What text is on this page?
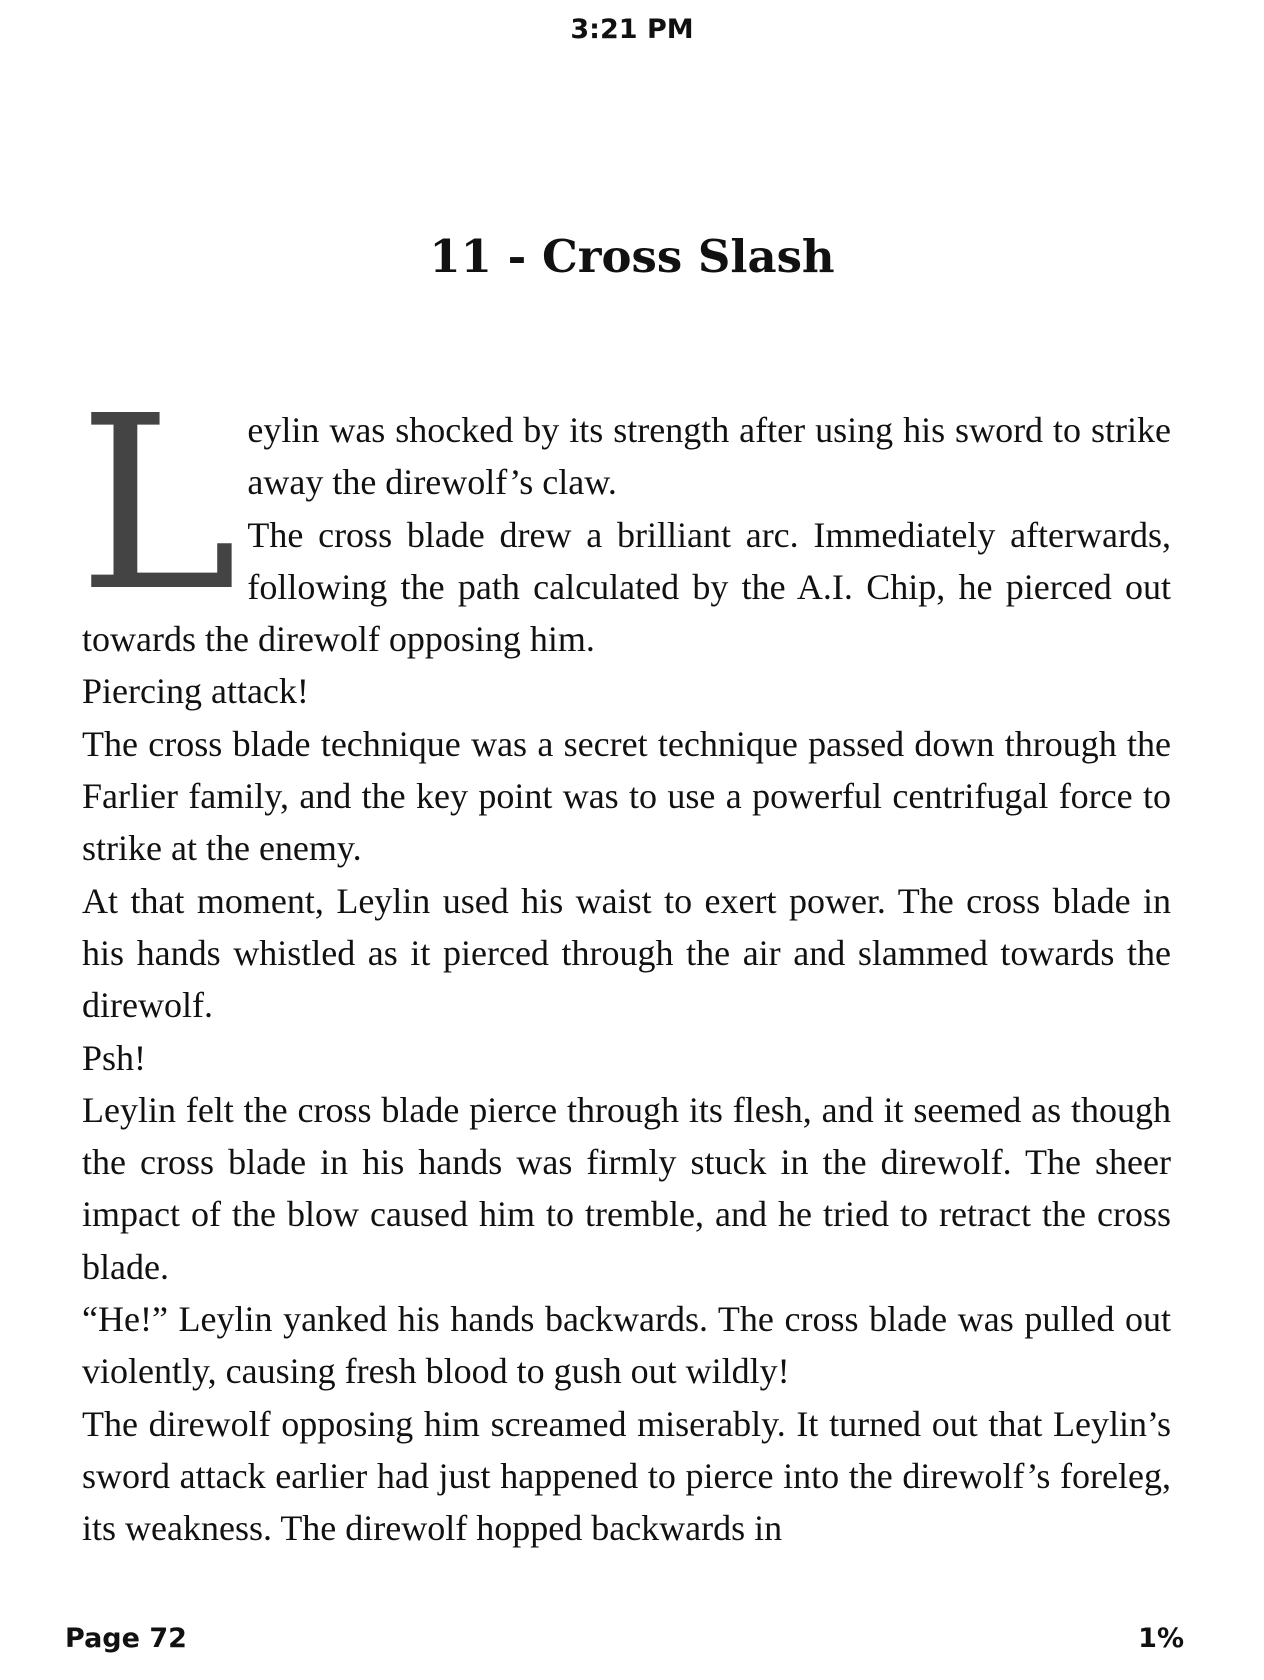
3:21 PM
11 - Cross Slash
L eylin was shocked by its strength after using his sword to strike away the direwolf’s claw.

The cross blade drew a brilliant arc. Immediately afterwards, following the path calculated by the A.I. Chip, he pierced out towards the direwolf opposing him.

Piercing attack!

The cross blade technique was a secret technique passed down through the Farlier family, and the key point was to use a powerful centrifugal force to strike at the enemy.

At that moment, Leylin used his waist to exert power. The cross blade in his hands whistled as it pierced through the air and slammed towards the direwolf.

Psh!

Leylin felt the cross blade pierce through its flesh, and it seemed as though the cross blade in his hands was firmly stuck in the direwolf. The sheer impact of the blow caused him to tremble, and he tried to retract the cross blade.

“He!” Leylin yanked his hands backwards. The cross blade was pulled out violently, causing fresh blood to gush out wildly!

The direwolf opposing him screamed miserably. It turned out that Leylin’s sword attack earlier had just happened to pierce into the direwolf’s foreleg, its weakness. The direwolf hopped backwards in

Page 72	1%
